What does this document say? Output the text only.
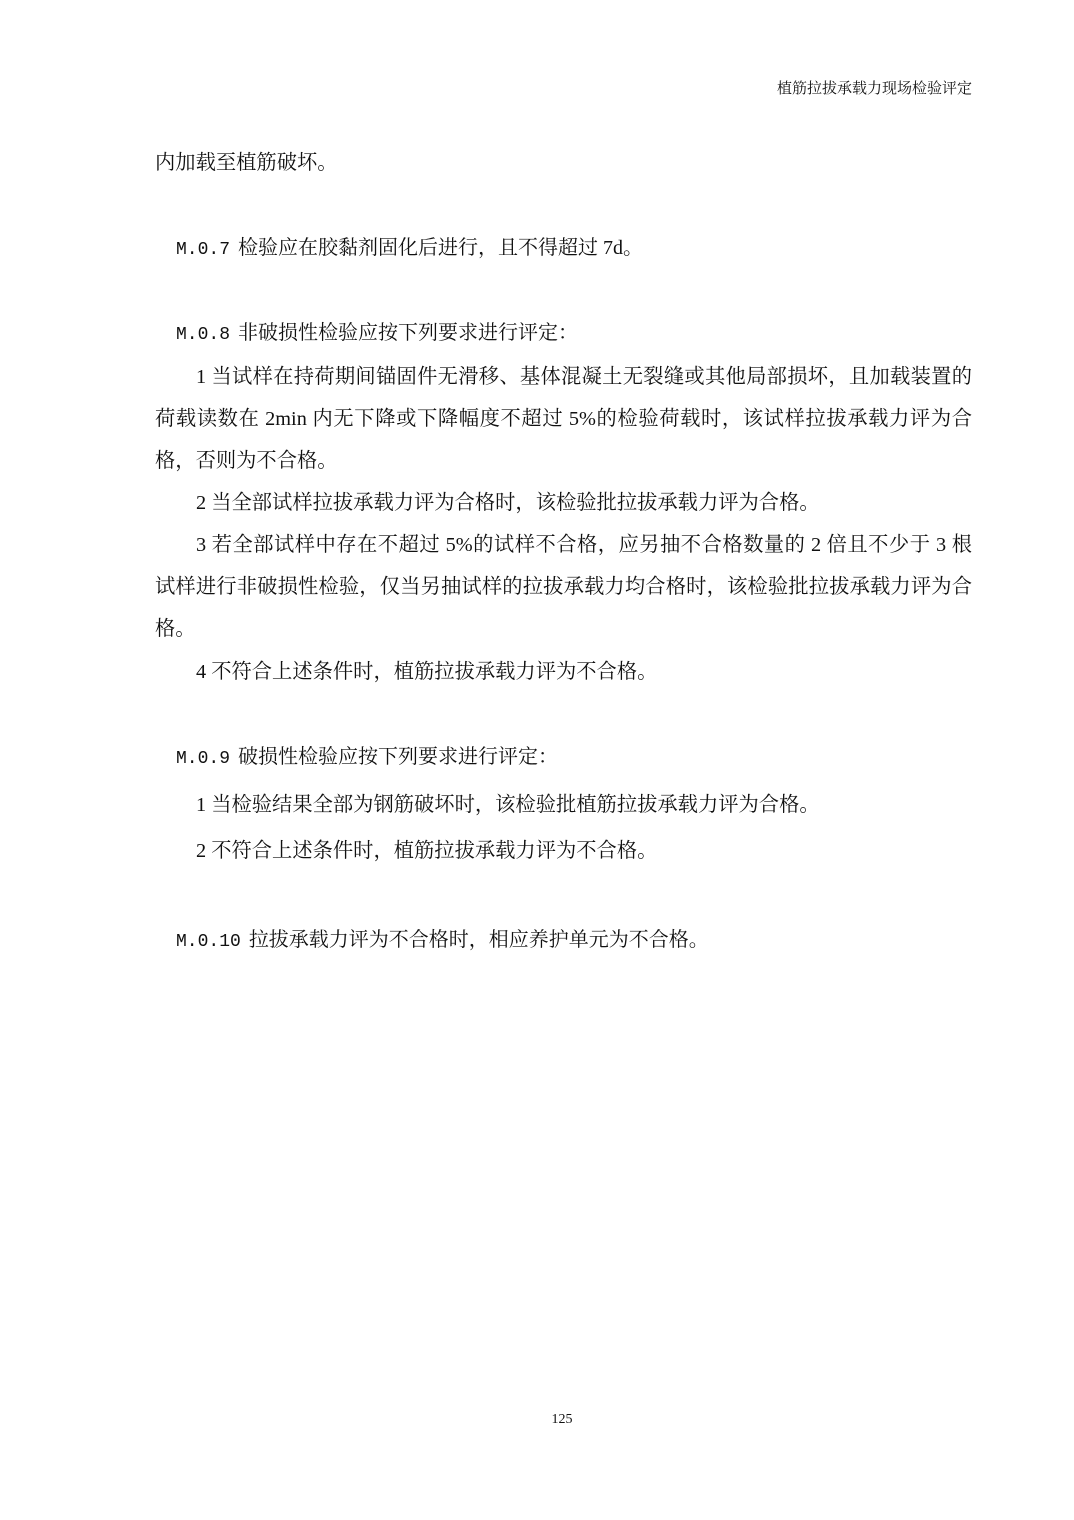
植筋拉拔承载力现场检验评定
内加载至植筋破坏。
M.0.7 检验应在胶黏剂固化后进行，且不得超过 7d。
M.0.8 非破损性检验应按下列要求进行评定：
1 当试样在持荷期间锚固件无滑移、基体混凝土无裂缝或其他局部损坏，且加载装置的荷载读数在 2min 内无下降或下降幅度不超过 5%的检验荷载时，该试样拉拔承载力评为合格，否则为不合格。
2 当全部试样拉拔承载力评为合格时，该检验批拉拔承载力评为合格。
3 若全部试样中存在不超过 5%的试样不合格，应另抽不合格数量的 2 倍且不少于 3 根试样进行非破损性检验，仅当另抽试样的拉拔承载力均合格时，该检验批拉拔承载力评为合格。
4 不符合上述条件时，植筋拉拔承载力评为不合格。
M.0.9 破损性检验应按下列要求进行评定：
1 当检验结果全部为钢筋破坏时，该检验批植筋拉拔承载力评为合格。
2 不符合上述条件时，植筋拉拔承载力评为不合格。
M.0.10 拉拔承载力评为不合格时，相应养护单元为不合格。
125
